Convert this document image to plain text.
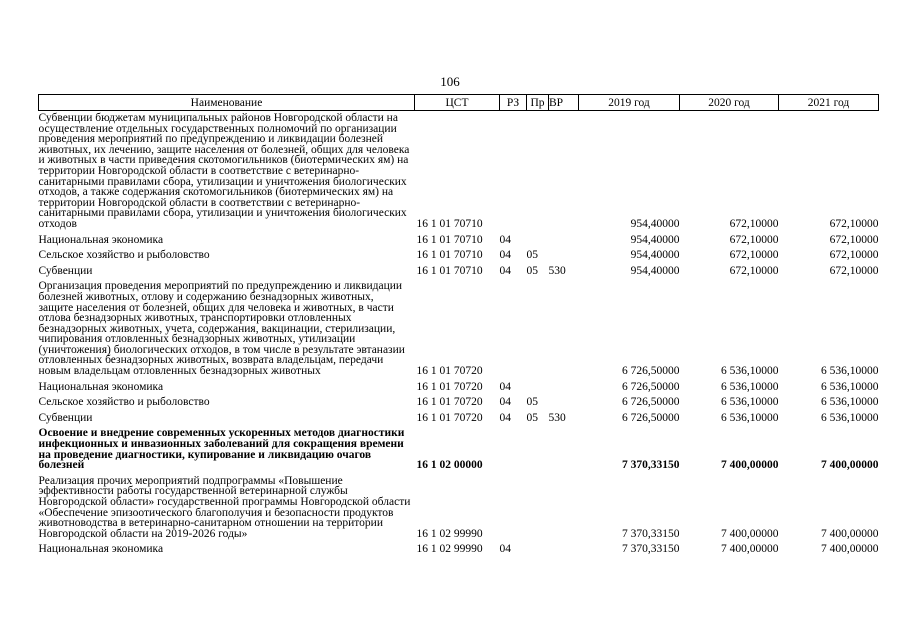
106
Наименование	ЦСТ	РЗ	Пр	ВР	2019 год	2020 год	2021 год
Субвенции бюджетам муниципальных районов Новгородской области на осуществление отдельных государственных полномочий по организации проведения мероприятий по предупреждению и ликвидации болезней животных, их лечению, защите населения от болезней, общих для человека и животных в части приведения скотомогильников (биотермических ям) на территории Новгородской области в соответствие с ветеринарно-санитарными правилами сбора, утилизации и уничтожения биологических отходов, а также содержания скотомогильников (биотермических ям) на территории Новгородской области в соответствии с ветеринарно-санитарными правилами сбора, утилизации и уничтожения биологических отходов	16 1 01 70710				954,40000	672,10000	672,10000
Национальная экономика	16 1 01 70710	04			954,40000	672,10000	672,10000
Сельское хозяйство и рыболовство	16 1 01 70710	04	05		954,40000	672,10000	672,10000
Субвенции	16 1 01 70710	04	05	530	954,40000	672,10000	672,10000
Организация проведения мероприятий по предупреждению и ликвидации болезней животных, отлову и содержанию безнадзорных животных, защите населения от болезней, общих для человека и животных, в части отлова безнадзорных животных, транспортировки отловленных безнадзорных животных, учета, содержания, вакцинации, стерилизации, чипирования отловленных безнадзорных животных, утилизации (уничтожения) биологических отходов, в том числе в результате эвтаназии отловленных безнадзорных животных, возврата владельцам, передачи новым владельцам отловленных безнадзорных животных	16 1 01 70720				6 726,50000	6 536,10000	6 536,10000
Национальная экономика	16 1 01 70720	04			6 726,50000	6 536,10000	6 536,10000
Сельское хозяйство и рыболовство	16 1 01 70720	04	05		6 726,50000	6 536,10000	6 536,10000
Субвенции	16 1 01 70720	04	05	530	6 726,50000	6 536,10000	6 536,10000
Освоение и внедрение современных ускоренных методов диагностики инфекционных и инвазионных заболеваний для сокращения времени на проведение диагностики, купирование и ликвидацию очагов болезней	16 1 02 00000				7 370,33150	7 400,00000	7 400,00000
Реализация прочих мероприятий подпрограммы «Повышение эффективности работы государственной ветеринарной службы Новгородской области» государственной программы Новгородской области «Обеспечение эпизоотического благополучия и безопасности продуктов животноводства в ветеринарно-санитарном отношении на территории Новгородской области на 2019-2026 годы»	16 1 02 99990				7 370,33150	7 400,00000	7 400,00000
Национальная экономика	16 1 02 99990	04			7 370,33150	7 400,00000	7 400,00000
